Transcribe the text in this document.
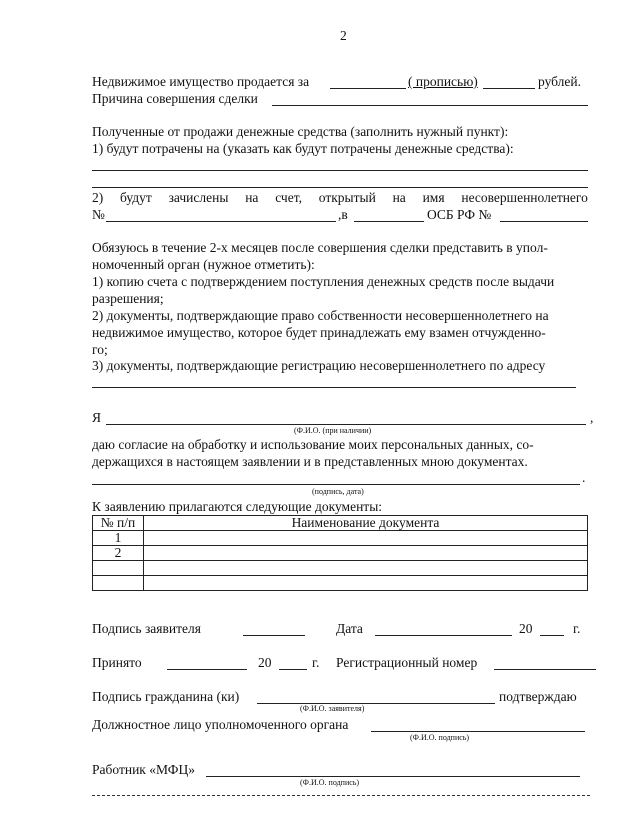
2
Недвижимое имущество продается за	( прописью)	рублей.
Причина совершения сделки
Полученные от продажи денежные средства (заполнить нужный пункт):
1) будут потрачены на (указать как будут потрачены денежные средства):
2) будут зачислены на счет, открытый на имя несовершеннолетнего
№	,в	ОСБ РФ №
Обязуюсь в течение 2-х месяцев после совершения сделки представить в упол-
номоченный орган (нужное отметить):
1) копию счета с подтверждением поступления денежных средств после выдачи
разрешения;
2) документы, подтверждающие право собственности несовершеннолетнего на
недвижимое имущество, которое будет принадлежать ему взамен отчужденно-
го;
3) документы, подтверждающие регистрацию несовершеннолетнего по адресу
Я	,
(Ф.И.О. (при наличии)
даю согласие на обработку и использование моих персональных данных, со-
держащихся в настоящем заявлении и в представленных мною документах.
.
(подпись, дата)
К заявлению прилагаются следующие документы:
№ п/п	Наименование документа
1	
2	

Подпись заявителя	Дата	20	г.
Принято	20	г. Регистрационный номер
Подпись гражданина (ки)	подтверждаю
(Ф.И.О. заявителя)
Должностное лицо уполномоченного органа
(Ф.И.О. подпись)
Работник «МФЦ»
(Ф.И.О. подпись)
